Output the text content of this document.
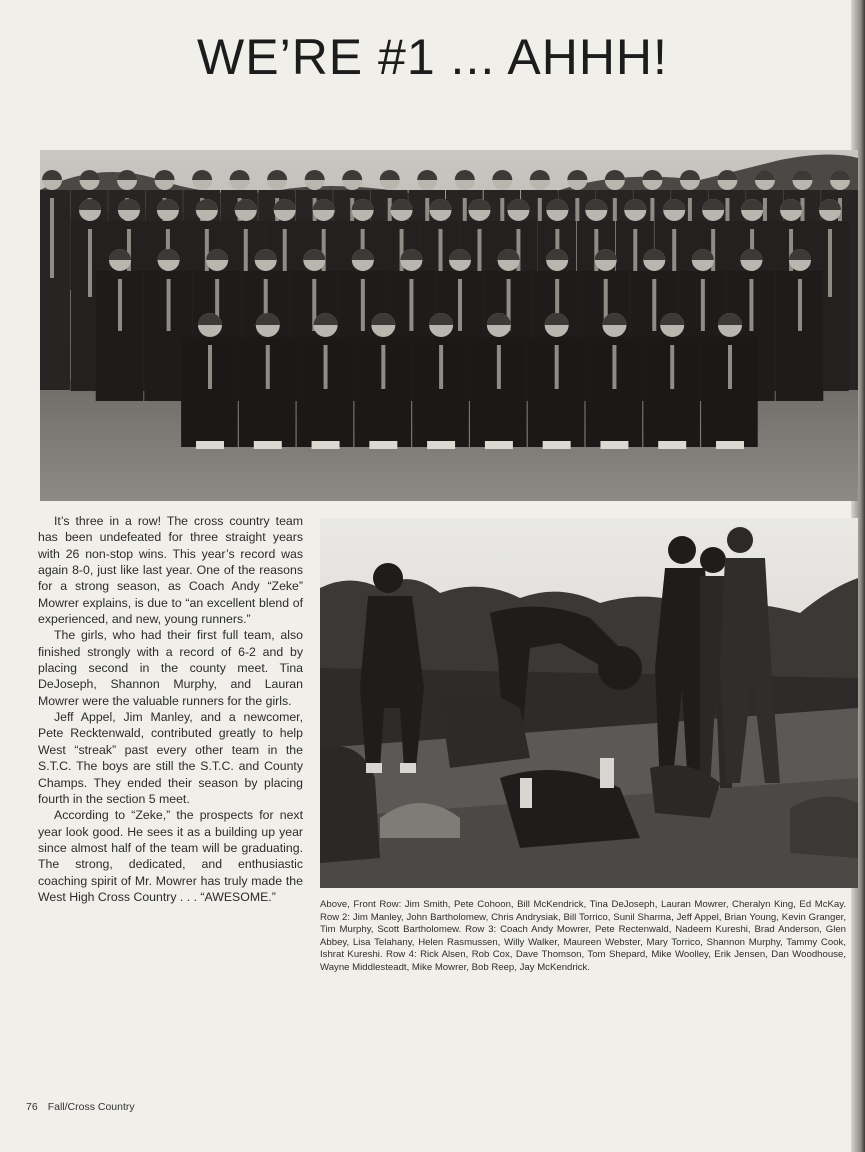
WE’RE #1 ... AHHH!

It’s three in a row! The cross country team has been undefeated for three straight years with 26 non-stop wins. This year’s record was again 8-0, just like last year. One of the reasons for a strong season, as Coach Andy “Zeke” Mowrer explains, is due to “an excellent blend of experienced, and new, young runners.”

The girls, who had their first full team, also finished strongly with a record of 6-2 and by placing second in the county meet. Tina DeJoseph, Shannon Murphy, and Lauran Mowrer were the valuable runners for the girls.

Jeff Appel, Jim Manley, and a newcomer, Pete Recktenwald, contributed greatly to help West “streak” past every other team in the S.T.C. The boys are still the S.T.C. and County Champs. They ended their season by placing fourth in the section 5 meet.

According to “Zeke,” the prospects for next year look good. He sees it as a building up year since almost half of the team will be graduating. The strong, dedicated, and enthusiastic coaching spirit of Mr. Mowrer has truly made the West High Cross Country . . . “AWESOME.”

Above, Front Row: Jim Smith, Pete Cohoon, Bill McKendrick, Tina DeJoseph, Lauran Mowrer, Cheralyn King, Ed McKay. Row 2: Jim Manley, John Bartholomew, Chris Andrysiak, Bill Torrico, Sunil Sharma, Jeff Appel, Brian Young, Kevin Granger, Tim Murphy, Scott Bartholomew. Row 3: Coach Andy Mowrer, Pete Rectenwald, Nadeem Kureshi, Brad Anderson, Glen Abbey, Lisa Telahany, Helen Rasmussen, Willy Walker, Maureen Webster, Mary Torrico, Shannon Murphy, Tammy Cook, Ishrat Kureshi. Row 4: Rick Alsen, Rob Cox, Dave Thomson, Tom Shepard, Mike Woolley, Erik Jensen, Dan Woodhouse, Wayne Middlesteadt, Mike Mowrer, Bob Reep, Jay McKendrick.
76 Fall/Cross Country
